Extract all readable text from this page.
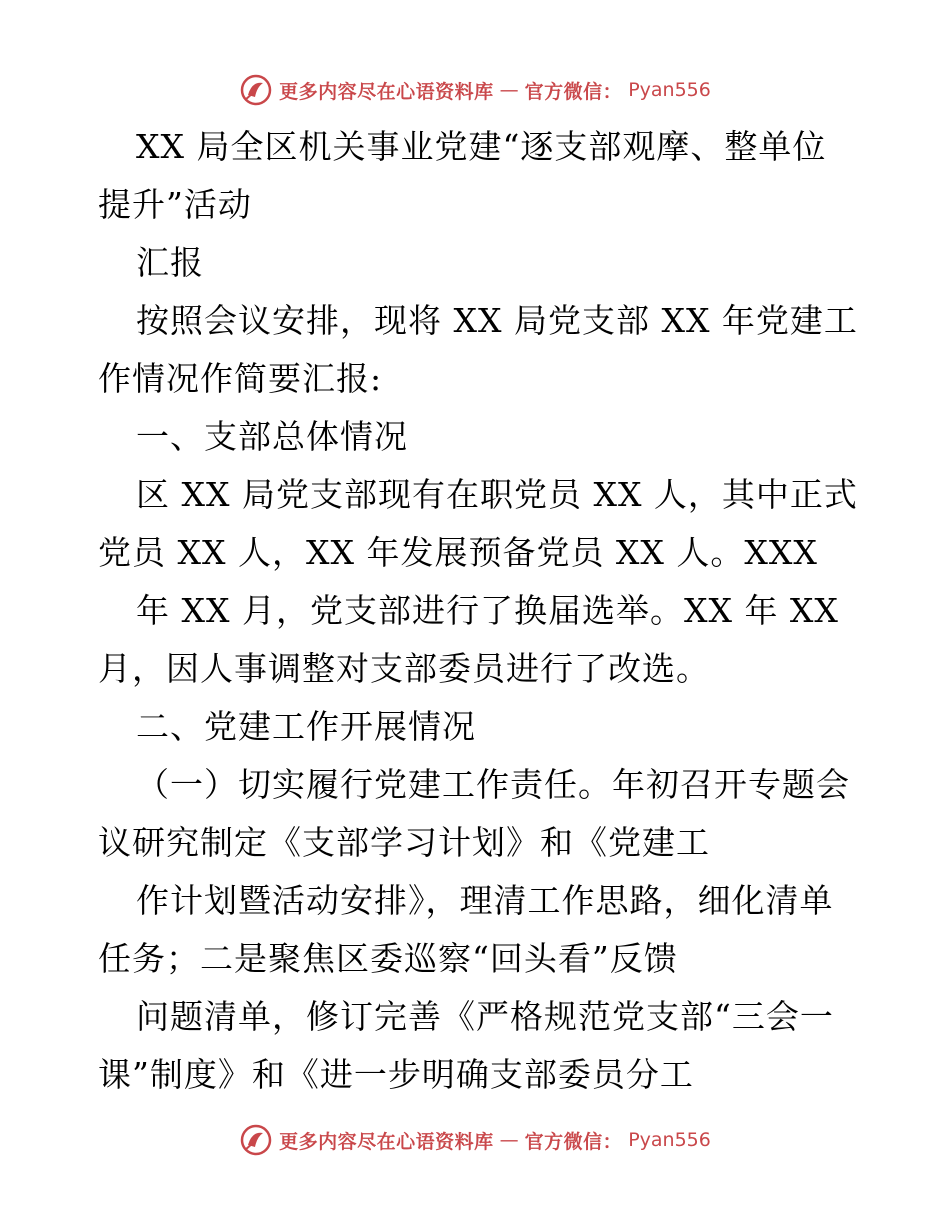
更多内容尽在心语资料库 — 官方微信： Pyan556
XX 局全区机关事业党建“逐支部观摩、整单位
提升”活动
汇报
按照会议安排，现将 XX 局党支部 XX 年党建工
作情况作简要汇报:
一、支部总体情况
区 XX 局党支部现有在职党员 XX 人，其中正式
党员 XX 人，XX 年发展预备党员 XX 人。XXX
年 XX 月，党支部进行了换届选举。XX 年 XX
月，因人事调整对支部委员进行了改选。
二、党建工作开展情况
（一）切实履行党建工作责任。年初召开专题会
议研究制定《支部学习计划》和《党建工
作计划暨活动安排》，理清工作思路，细化清单
任务；二是聚焦区委巡察“回头看”反馈
问题清单，修订完善《严格规范党支部“三会一
课”制度》和《进一步明确支部委员分工
更多内容尽在心语资料库 — 官方微信： Pyan556
